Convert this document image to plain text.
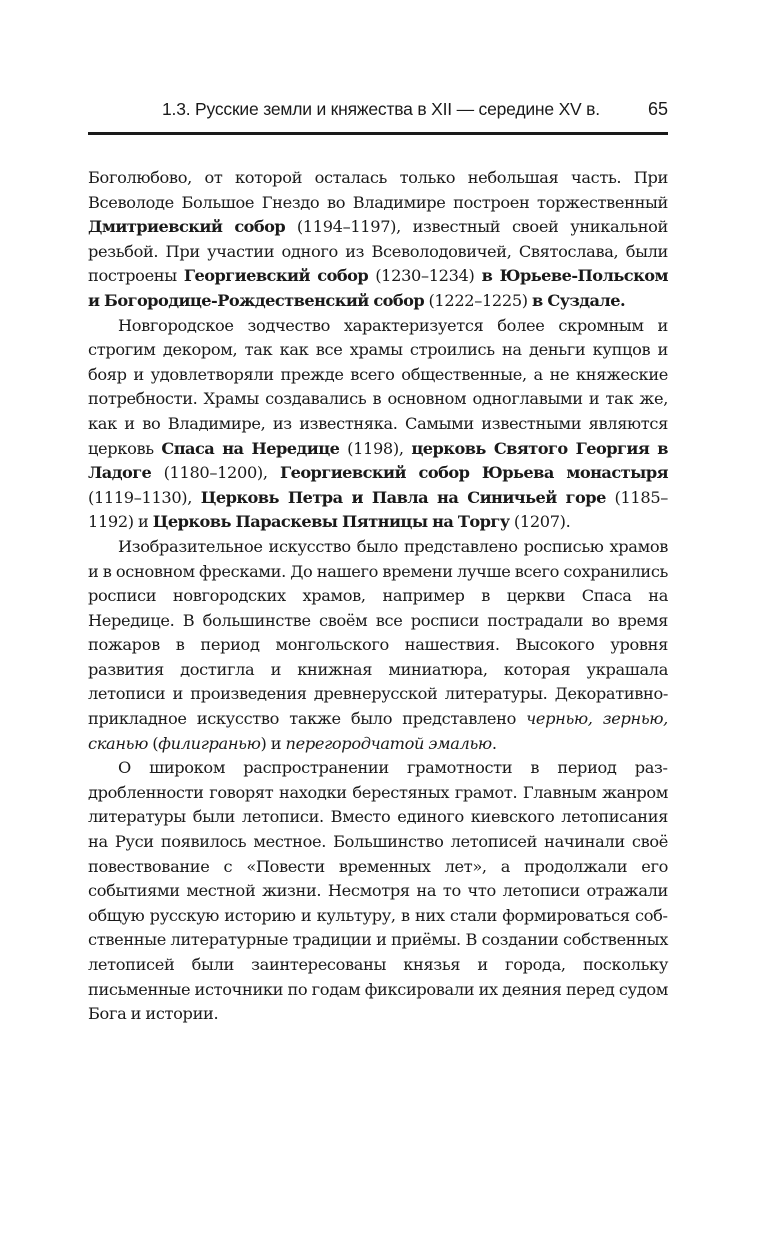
1.3. Русские земли и княжества в XII — середине XV в.	65

Боголюбово, от которой осталась только небольшая часть. При Всеволоде Большое Гнездо во Владимире построен торжественный Дмитриевский собор (1194–1197), известный своей уникальной резьбой. При участии одного из Всеволодовичей, Святослава, были построены Георгиевский собор (1230–1234) в Юрьеве-Польском и Богородице-Рождественский собор (1222–1225) в Суздале.

Новгородское зодчество характеризуется более скромным и строгим декором, так как все храмы строились на деньги купцов и бояр и удовлетворяли прежде всего общественные, а не княжеские потребности. Храмы создавались в основном одноглавыми и так же, как и во Владимире, из известняка. Самыми известными являются церковь Спаса на Нередице (1198), церковь Святого Георгия в Ладоге (1180–1200), Георгиевский собор Юрьева монастыря (1119–1130), Церковь Петра и Павла на Синичьей горе (1185–1192) и Церковь Параскевы Пятницы на Торгу (1207).

Изобразительное искусство было представлено росписью храмов и в основном фресками. До нашего времени лучше всего сохранились росписи новгородских храмов, например в церкви Спаса на Нередице. В большинстве своём все росписи пострадали во время пожаров в период монгольского нашествия. Высокого уровня развития достигла и книжная миниатюра, которая украшала летописи и произведения древнерусской литературы. Декоративно-прикладное искусство также было представлено чернью, зернью, сканью (филигранью) и перегородчатой эмалью.

О широком распространении грамотности в период раздробленности говорят находки берестяных грамот. Главным жанром литературы были летописи. Вместо единого киевского летописания на Руси появилось местное. Большинство летописей начинали своё повествование с «Повести временных лет», а продолжали его событиями местной жизни. Несмотря на то что летописи отражали общую русскую историю и культуру, в них стали формироваться собственные литературные традиции и приёмы. В создании собственных летописей были заинтересованы князья и города, поскольку письменные источники по годам фиксировали их деяния перед судом Бога и истории.
